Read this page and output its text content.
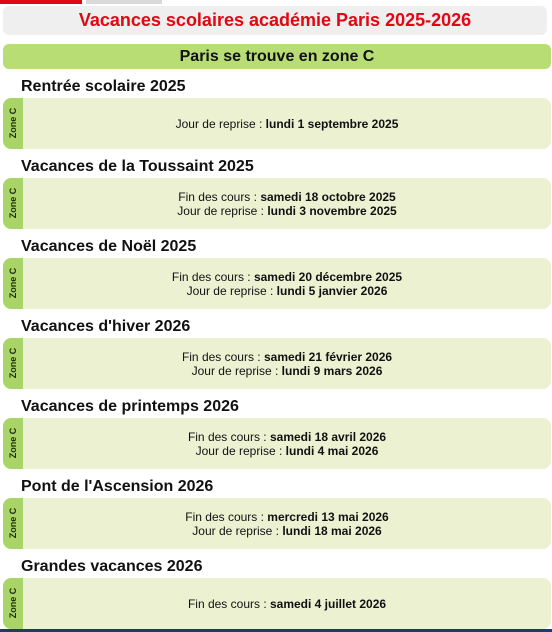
Vacances scolaires académie Paris 2025-2026
Paris se trouve en zone C
Rentrée scolaire 2025
Zone C	Jour de reprise : lundi 1 septembre 2025
Vacances de la Toussaint 2025
Zone C	Fin des cours : samedi 18 octobre 2025
Jour de reprise : lundi 3 novembre 2025
Vacances de Noël 2025
Zone C	Fin des cours : samedi 20 décembre 2025
Jour de reprise : lundi 5 janvier 2026
Vacances d'hiver 2026
Zone C	Fin des cours : samedi 21 février 2026
Jour de reprise : lundi 9 mars 2026
Vacances de printemps 2026
Zone C	Fin des cours : samedi 18 avril 2026
Jour de reprise : lundi 4 mai 2026
Pont de l'Ascension 2026
Zone C	Fin des cours : mercredi 13 mai 2026
Jour de reprise : lundi 18 mai 2026
Grandes vacances 2026
Zone C	Fin des cours : samedi 4 juillet 2026
